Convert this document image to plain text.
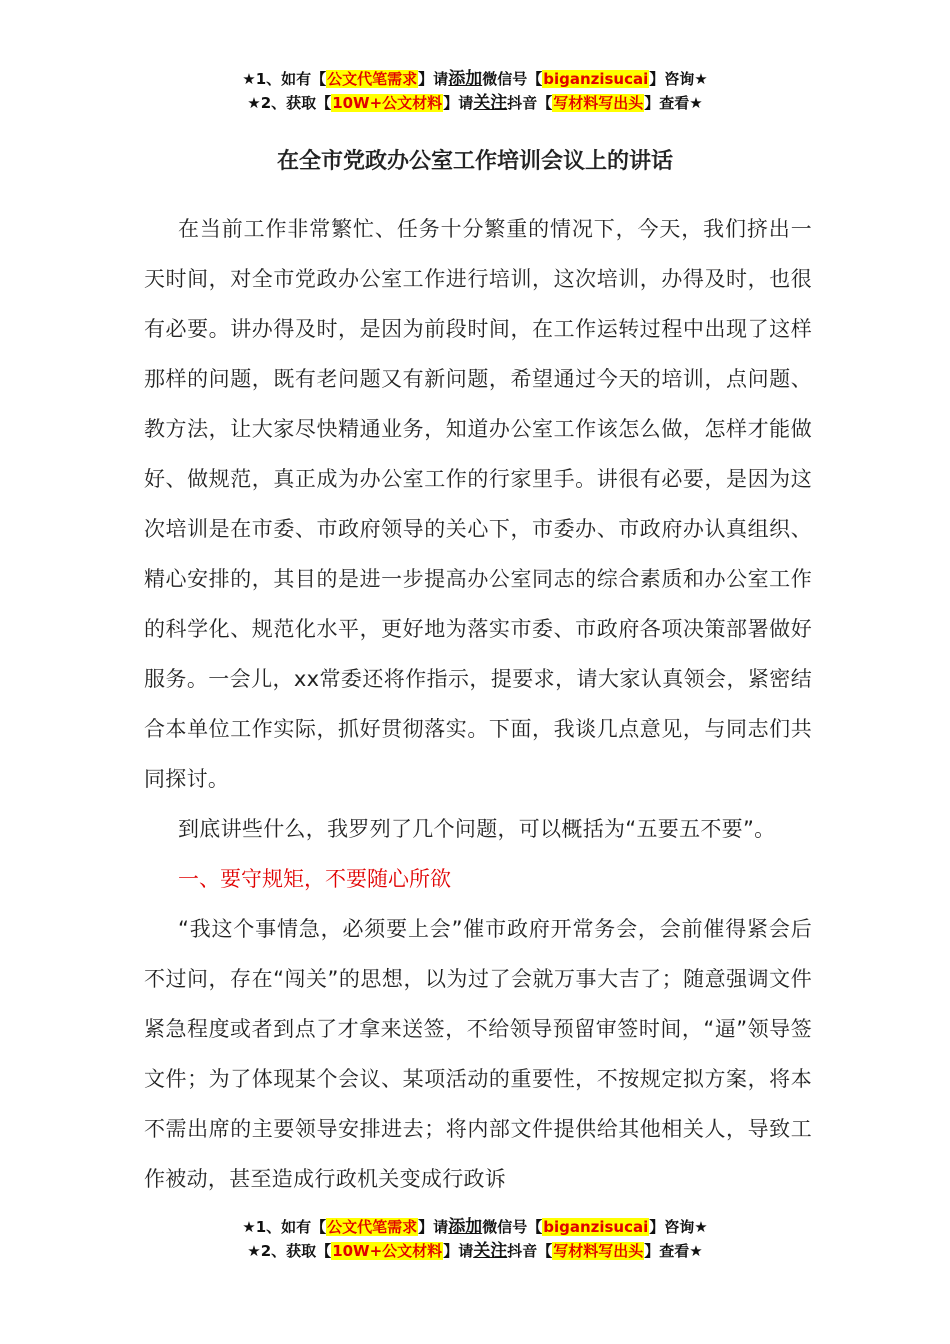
★1、如有【公文代笔需求】请添加微信号【biganzisucai】咨询★
★2、获取【10W+公文材料】请关注抖音【写材料写出头】查看★
在全市党政办公室工作培训会议上的讲话

在当前工作非常繁忙、任务十分繁重的情况下，今天，我们挤出一天时间，对全市党政办公室工作进行培训，这次培训，办得及时，也很有必要。讲办得及时，是因为前段时间，在工作运转过程中出现了这样那样的问题，既有老问题又有新问题，希望通过今天的培训，点问题、教方法，让大家尽快精通业务，知道办公室工作该怎么做，怎样才能做好、做规范，真正成为办公室工作的行家里手。讲很有必要，是因为这次培训是在市委、市政府领导的关心下，市委办、市政府办认真组织、精心安排的，其目的是进一步提高办公室同志的综合素质和办公室工作的科学化、规范化水平，更好地为落实市委、市政府各项决策部署做好服务。一会儿，xx常委还将作指示，提要求，请大家认真领会，紧密结合本单位工作实际，抓好贯彻落实。下面，我谈几点意见，与同志们共同探讨。

到底讲些什么，我罗列了几个问题，可以概括为“五要五不要”。

一、要守规矩，不要随心所欲

“我这个事情急，必须要上会”催市政府开常务会，会前催得紧会后不过问，存在“闯关”的思想，以为过了会就万事大吉了；随意强调文件紧急程度或者到点了才拿来送签，不给领导预留审签时间，“逼”领导签文件；为了体现某个会议、某项活动的重要性，不按规定拟方案，将本不需出席的主要领导安排进去；将内部文件提供给其他相关人，导致工作被动，甚至造成行政机关变成行政诉

★1、如有【公文代笔需求】请添加微信号【biganzisucai】咨询★
★2、获取【10W+公文材料】请关注抖音【写材料写出头】查看★
